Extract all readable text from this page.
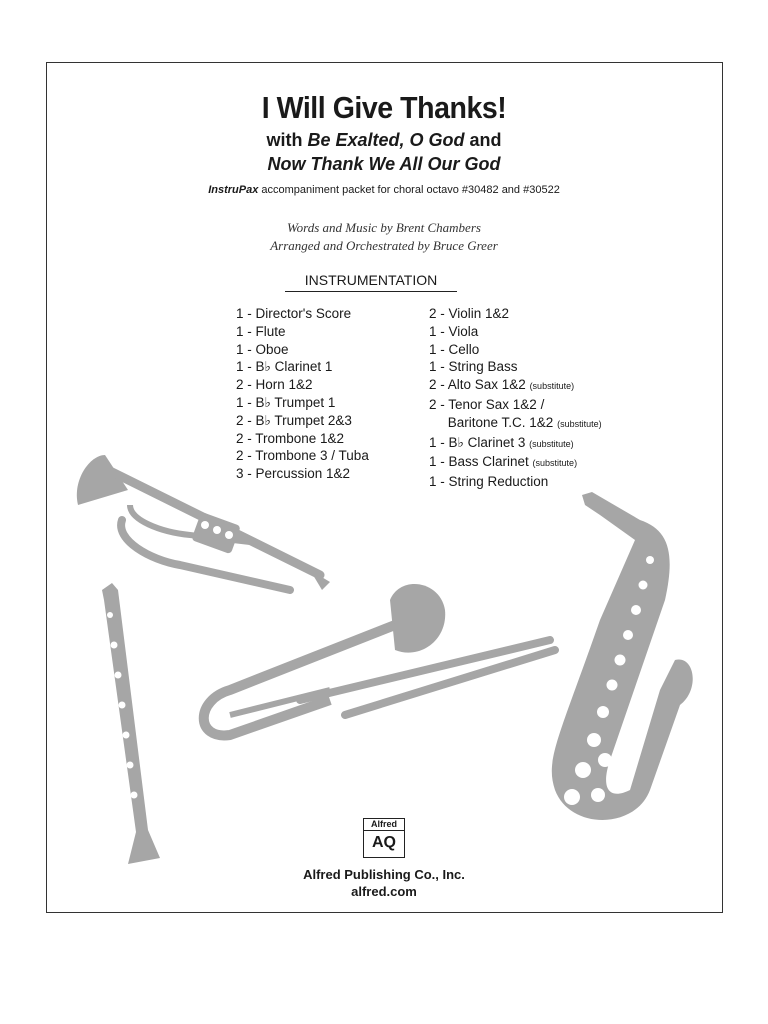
I Will Give Thanks!
with Be Exalted, O God and
Now Thank We All Our God
InstruPax accompaniment packet for choral octavo #30482 and #30522
Words and Music by Brent Chambers
Arranged and Orchestrated by Bruce Greer
INSTRUMENTATION
1 - Director's Score
1 - Flute
1 - Oboe
1 - B♭ Clarinet 1
2 - Horn 1&2
1 - B♭ Trumpet 1
2 - B♭ Trumpet 2&3
2 - Trombone 1&2
2 - Trombone 3 / Tuba
3 - Percussion 1&2
2 - Violin 1&2
1 - Viola
1 - Cello
1 - String Bass
2 - Alto Sax 1&2 (substitute)
2 - Tenor Sax 1&2 /
Baritone T.C. 1&2 (substitute)
1 - B♭ Clarinet 3 (substitute)
1 - Bass Clarinet (substitute)
1 - String Reduction
Alfred
AQ
Alfred Publishing Co., Inc.
alfred.com
